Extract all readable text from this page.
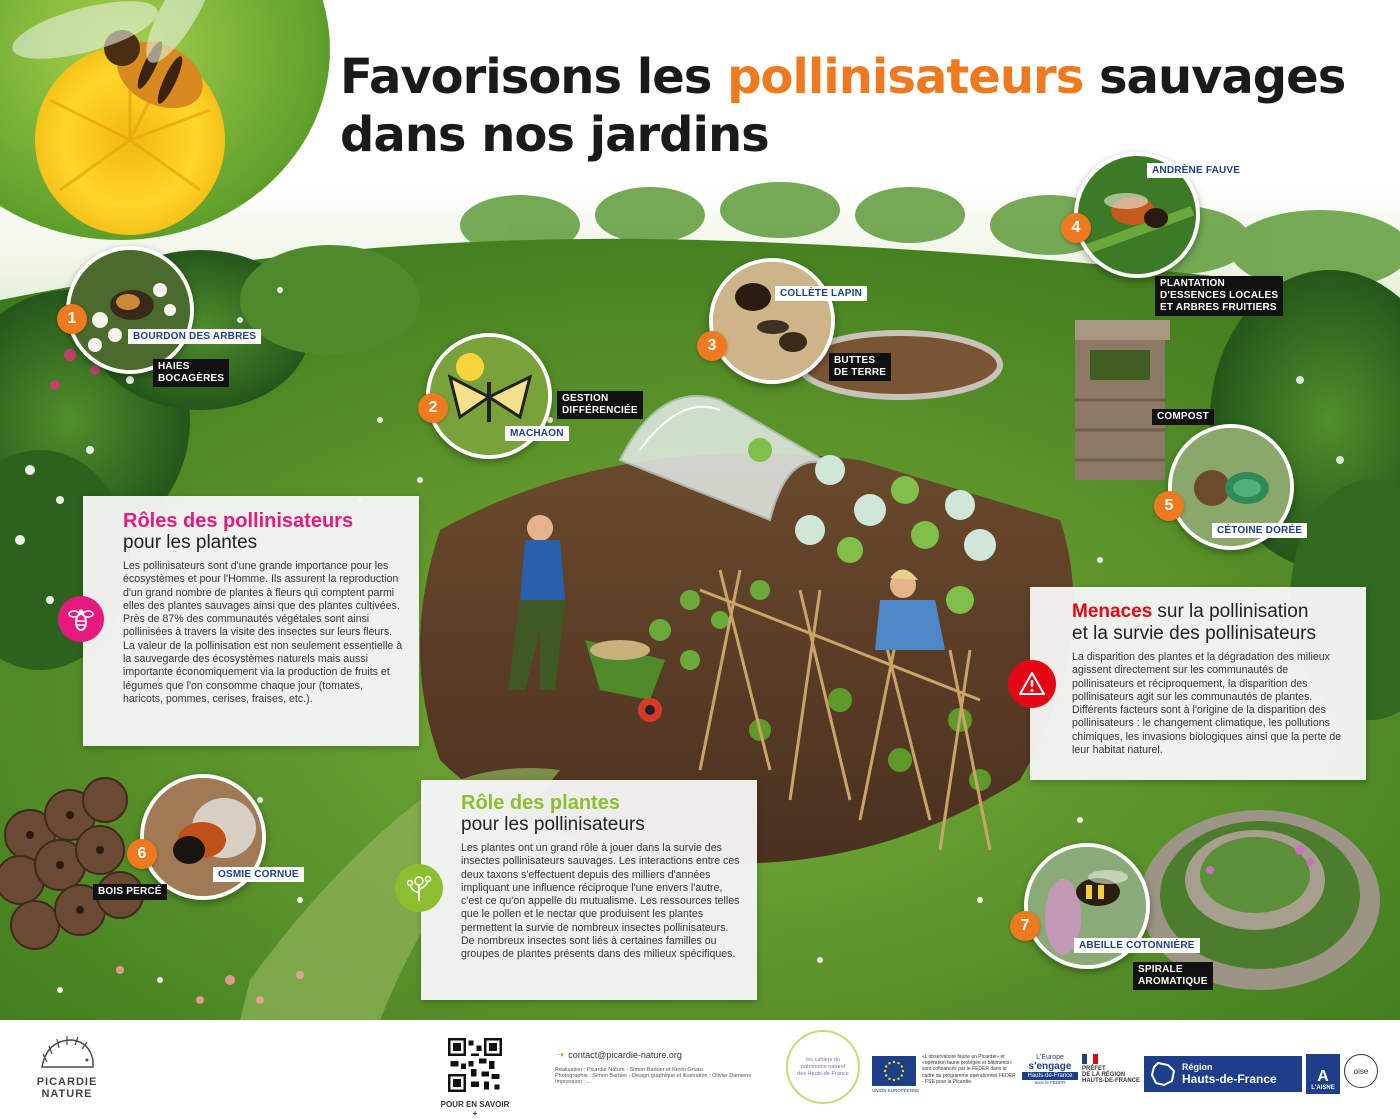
Favorisons les pollinisateurs sauvages
dans nos jardins
1
BOURDON DES ARBRES
HAIES
BOCAGÈRES
2
MACHAON
GESTION
DIFFÉRENCIÉE
3
COLLÈTE LAPIN
BUTTES
DE TERRE
4
ANDRÈNE FAUVE
PLANTATION
D'ESSENCES LOCALES
ET ARBRES FRUITIERS
5
CÉTOINE DORÉE
COMPOST
6
OSMIE CORNUE
BOIS PERCÉ
7
ABEILLE COTONNIÈRE
SPIRALE
AROMATIQUE
Rôles des pollinisateurs
pour les plantes

Les pollinisateurs sont d'une grande importance pour les écosystèmes et pour l'Homme. Ils assurent la reproduction d'un grand nombre de plantes à fleurs qui comptent parmi elles des plantes sauvages ainsi que des plantes cultivées. Près de 87% des communautés végétales sont ainsi pollinisées à travers la visite des insectes sur leurs fleurs. La valeur de la pollinisation est non seulement essentielle à la sauvegarde des écosystèmes naturels mais aussi importante économiquement via la production de fruits et légumes que l'on consomme chaque jour (tomates, haricots, pommes, cerises, fraises, etc.).

Rôle des plantes
pour les pollinisateurs

Les plantes ont un grand rôle à jouer dans la survie des insectes pollinisateurs sauvages. Les interactions entre ces deux taxons s'effectuent depuis des milliers d'années impliquant une influence réciproque l'une envers l'autre, c'est ce qu'on appelle du mutualisme. Les ressources telles que le pollen et le nectar que produisent les plantes permettent la survie de nombreux insectes pollinisateurs. De nombreux insectes sont liés à certaines familles ou groupes de plantes présents dans des milieux spécifiques.

Menaces sur la pollinisation
et la survie des pollinisateurs

La disparition des plantes et la dégradation des milieux agissent directement sur les communautés de pollinisateurs et réciproquement, la disparition des pollinisateurs agit sur les communautés de plantes. Différents facteurs sont à l'origine de la disparition des pollinisateurs : le changement climatique, les pollutions chimiques, les invasions biologiques ainsi que la perte de leur habitat naturel.

PICARDIE
NATURE
POUR EN SAVOIR +
➝ contact@picardie-nature.org
Réalisation : Picardie Nature - Simon Barbier et Kevin Gruau
Photographie : Simon Barbier - Design graphique et illustration : Olivier Damiens
Impression : ...
les cahiers du patrimoine naturel des Hauts-de-France
UNION EUROPÉENNE
«L'observatoire faune en Picardie» et «opération faune protégée et bâtiments» sont cofinancés par le FEDER dans le cadre du programme opérationnel FEDER - FSE pour la Picardie.
L'Europe
s'engage
Hauts-de-France
avec le FEDER
PRÉFET
DE LA RÉGION
HAUTS-DE-FRANCE
Région
Hauts-de-France	A
L'AISNE
oise
